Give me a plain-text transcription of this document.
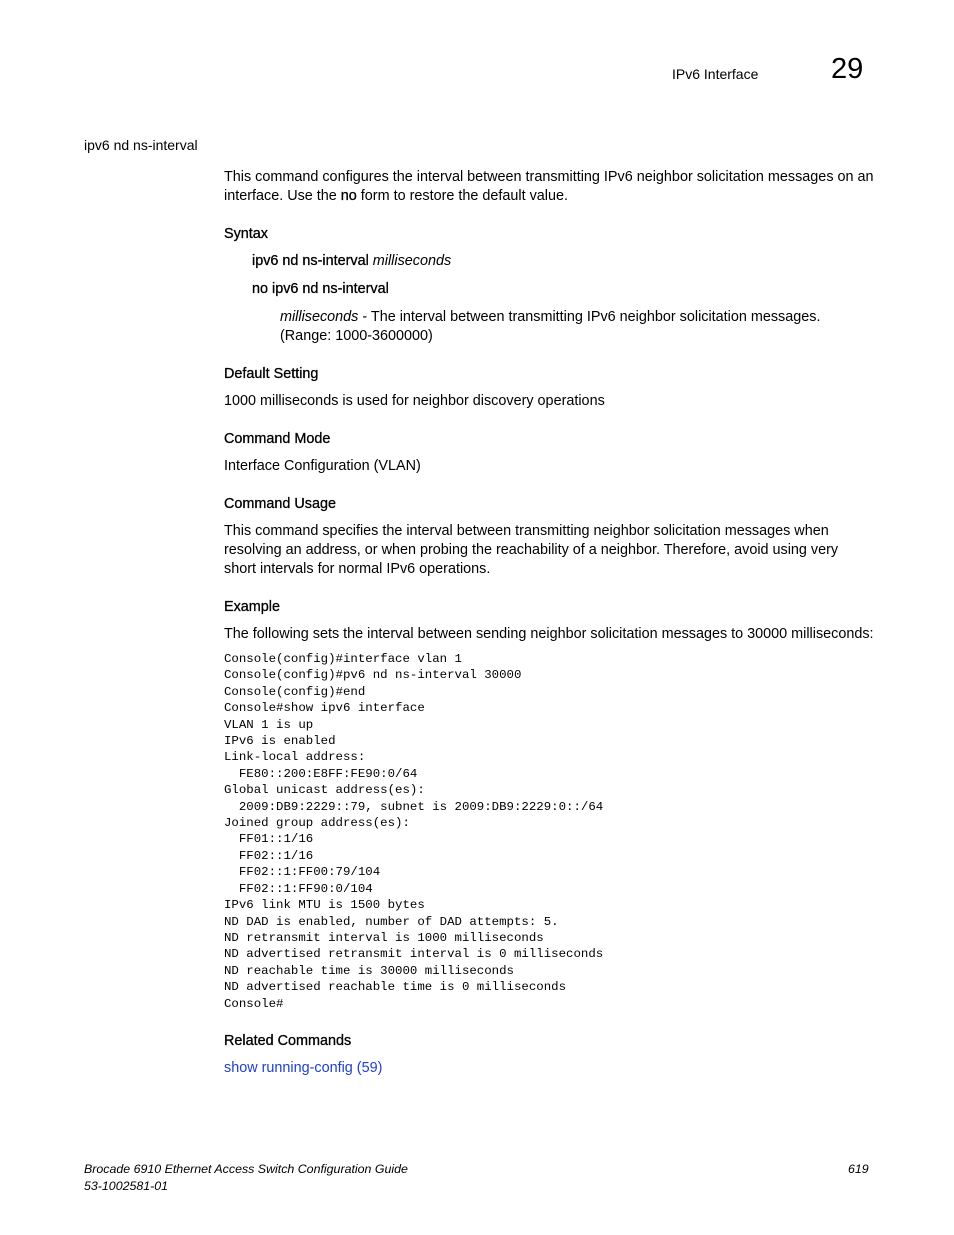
IPv6 Interface	29
ipv6 nd ns-interval

This command configures the interval between transmitting IPv6 neighbor solicitation messages on an interface. Use the no form to restore the default value.

Syntax

ipv6 nd ns-interval milliseconds

no ipv6 nd ns-interval

milliseconds - The interval between transmitting IPv6 neighbor solicitation messages. (Range: 1000-3600000)

Default Setting

1000 milliseconds is used for neighbor discovery operations

Command Mode

Interface Configuration (VLAN)

Command Usage

This command specifies the interval between transmitting neighbor solicitation messages when resolving an address, or when probing the reachability of a neighbor. Therefore, avoid using very short intervals for normal IPv6 operations.

Example

The following sets the interval between sending neighbor solicitation messages to 30000 milliseconds:

Console(config)#interface vlan 1
Console(config)#pv6 nd ns-interval 30000
Console(config)#end
Console#show ipv6 interface
VLAN 1 is up
IPv6 is enabled
Link-local address:
FE80::200:E8FF:FE90:0/64
Global unicast address(es):
2009:DB9:2229::79, subnet is 2009:DB9:2229:0::/64
Joined group address(es):
FF01::1/16
FF02::1/16
FF02::1:FF00:79/104
FF02::1:FF90:0/104
IPv6 link MTU is 1500 bytes
ND DAD is enabled, number of DAD attempts: 5.
ND retransmit interval is 1000 milliseconds
ND advertised retransmit interval is 0 milliseconds
ND reachable time is 30000 milliseconds
ND advertised reachable time is 0 milliseconds
Console#

Related Commands

show running-config (59)

Brocade 6910 Ethernet Access Switch Configuration Guide
53-1002581-01
619
